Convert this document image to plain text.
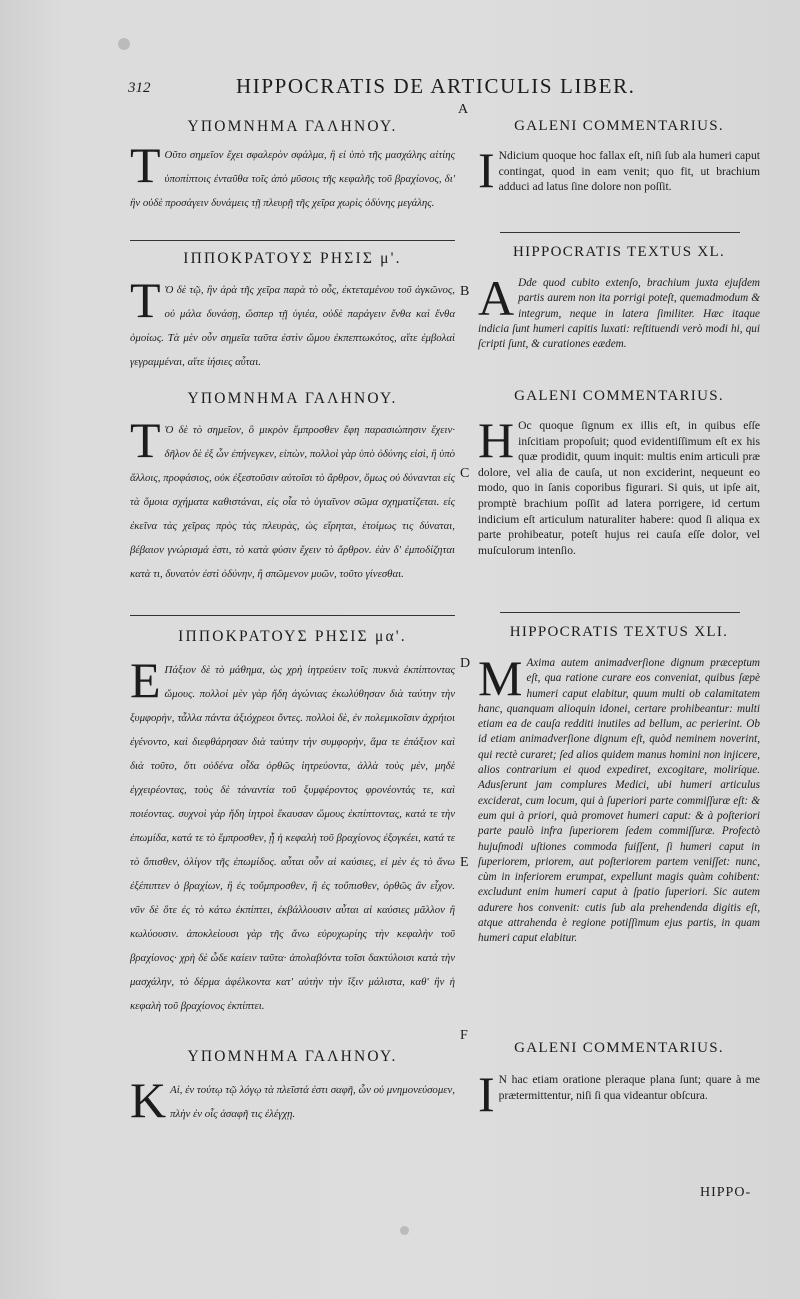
312	HIPPOCRATIS DE ARTICULIS LIBER.
A
B
C
D
E
F
ΥΠΟΜΝΗΜΑ ΓΑΛΗΝΟΥ.

T Οῦτο σημεῖον ἔχει σφαλερὸν σφάλμα, ἢ εἰ ὑπὸ τῆς μασχάλης αἰτίης ὑποπίπτοις ἐνταῦθα τοῖς ἀπὸ μῦσοις τῆς κεφαλῆς τοῦ βραχίονος, δι' ἣν οὐδὲ προσάγειν δυνάμεις τῇ πλευρῇ τῆς χεῖρα χωρὶς ὀδύνης μεγάλης.

ΙΠΠΟΚΡΑΤΟΥΣ ΡΗΣΙΣ μ'.

T Ὁ δὲ τῷ, ἢν ἀρὰ τῆς χεῖρα παρὰ τὸ οὖς, ἐκτεταμένου τοῦ ἀγκῶνος, οὐ μάλα δυνάσῃ, ὥσπερ τῇ ὑγιέα, οὐδὲ παράγειν ἔνθα καὶ ἔνθα ὁμοίως. Τὰ μὲν οὖν σημεῖα ταῦτα ἐστὶν ὤμου ἐκπεπτωκότος, αἵτε ἐμβολαὶ γεγραμμέναι, αἵτε ἰήσιες αὗται.

ΥΠΟΜΝΗΜΑ ΓΑΛΗΝΟΥ.

T Ὁ δὲ τὸ σημεῖον, ὃ μικρὸν ἔμπροσθεν ἔφη παρασιώπησιν ἔχειν· δῆλον δὲ ἐξ ὧν ἐπήνεγκεν, εἰπὼν, πολλοὶ γὰρ ὑπὸ ὀδύνης εἰσὶ, ἢ ὑπὸ ἄλλοις, προφάσιος, οὐκ ἐξεστοῦσιν αὐτοῖσι τὸ ἄρθρον, ὅμως οὐ δύνανται εἰς τὰ ὅμοια σχήματα καθιστάναι, εἰς οἷα τὸ ὑγιαῖνον σῶμα σχηματίζεται. εἰς ἐκεῖνα τὰς χεῖρας πρὸς τὰς πλευρὰς, ὡς εἴρηται, ἑτοίμως τις δύναται, βέβαιον γνώρισμά ἐστι, τὸ κατὰ φύσιν ἔχειν τὸ ἄρθρον. ἐὰν δ' ἐμποδίζηται κατὰ τι, δυνατὸν ἐστὶ ὀδύνην, ἢ σπῶμενον μυῶν, τοῦτο γίνεσθαι.

ΙΠΠΟΚΡΑΤΟΥΣ ΡΗΣΙΣ μα'.

E Πάξιον δὲ τὸ μάθημα, ὡς χρὴ ἰητρεύειν τοῖς πυκνὰ ἐκπίπτοντας ὤμους. πολλοὶ μὲν γὰρ ἤδη ἀγώνιας ἐκωλύθησαν διὰ ταύτην τὴν ξυμφορὴν, τἆλλα πάντα ἀξιόχρεοι ὄντες. πολλοὶ δὲ, ἐν πολεμικοῖσιν ἀχρήιοι ἐγένοντο, καὶ διεφθάρησαν διὰ ταύτην τὴν συμφορὴν, ἅμα τε ἐπάξιον καὶ διὰ τοῦτο, ὅτι οὐδένα οἶδα ὀρθῶς ἰητρεύοντα, ἀλλὰ τοὺς μὲν, μηδὲ ἐγχειρέοντας, τοὺς δὲ τἀναντία τοῦ ξυμφέροντος φρονέοντάς τε, καὶ ποιέοντας. συχνοὶ γὰρ ἤδη ἰητροὶ ἔκαυσαν ὤμους ἐκπίπτοντας, κατά τε τὴν ἐπωμίδα, κατά τε τὸ ἔμπροσθεν, ᾗ ἡ κεφαλὴ τοῦ βραχίονος ἐξογκέει, κατά τε τὸ ὄπισθεν, ὀλίγον τῆς ἐπωμίδος. αὗται οὖν αἱ καύσιες, εἰ μὲν ἐς τὸ ἄνω ἐξέπιπτεν ὁ βραχίων, ἢ ἐς τοὔμπροσθεν, ἢ ἐς τοὔπισθεν, ὀρθῶς ἂν εἶχον. νῦν δὲ ὅτε ἐς τὸ κάτω ἐκπίπτει, ἐκβάλλουσιν αὗται αἱ καύσιες μᾶλλον ἢ κωλύουσιν. ἀποκλείουσι γὰρ τῆς ἄνω εὐρυχωρίης τὴν κεφαλὴν τοῦ βραχίονος· χρὴ δὲ ὧδε καίειν ταῦτα· ἀπολαβόντα τοῖσι δακτύλοισι κατὰ τὴν μασχάλην, τὸ δέρμα ἀφέλκοντα κατ' αὐτὴν τὴν ἴξιν μάλιστα, καθ' ἣν ἡ κεφαλὴ τοῦ βραχίονος ἐκπίπτει.

ΥΠΟΜΝΗΜΑ ΓΑΛΗΝΟΥ.

K Αἱ, ἐν τούτῳ τῷ λόγῳ τὰ πλεῖστά ἐστι σαφῆ, ὧν οὐ μνημονεύσομεν, πλὴν ἐν οἷς ἀσαφῆ τις ἐλέγχῃ.

GALENI COMMENTARIUS.

I Ndicium quoque hoc fallax eſt, niſi ſub ala humeri caput contingat, quod in eam venit; quo fit, ut brachium adduci ad latus ſine dolore non poſſit.

HIPPOCRATIS TEXTUS XL.

A Dde quod cubito extenſo, brachium juxta ejuſdem partis aurem non ita porrigi poteſt, quemadmodum & integrum, neque in latera ſimiliter. Hæc itaque indicia ſunt humeri capitis luxati: reſtituendi verò modi hi, qui ſcripti ſunt, & curationes eædem.

GALENI COMMENTARIUS.

H Oc quoque ſignum ex illis eſt, in quibus eſſe inſcitiam propoſuit; quod evidentiſſimum eſt ex his quæ prodidit, quum inquit: multis enim articuli præ dolore, vel alia de cauſa, ut non exciderint, nequeunt eo modo, quo in ſanis coporibus figurari. Si quis, ut ipſe ait, promptè brachium poſſit ad latera porrigere, id certum indicium eſt articulum naturaliter habere: quod ſi aliqua ex parte prohibeatur, poteſt hujus rei cauſa eſſe dolor, vel muſculorum intenſio.

HIPPOCRATIS TEXTUS XLI.

M Axima autem animadverſione dignum præceptum eſt, qua ratione curare eos conveniat, quibus ſæpè humeri caput elabitur, quum multi ob calamitatem hanc, quanquam alioquin idonei, certare prohibeantur: multi etiam ea de cauſa redditi inutiles ad bellum, ac perierint. Ob id etiam animadverſione dignum eſt, quòd neminem noverint, qui rectè curaret; ſed alios quidem manus homini non injicere, alios contrarium ei quod expediret, excogitare, moliríque. Adusſerunt jam complures Medici, ubi humeri articulus exciderat, cum locum, qui à ſuperiori parte commiſſuræ eſt: & eum qui à priori, quà promovet humeri caput: & à poſteriori parte paulò infra ſuperiorem ſedem commiſſuræ. Profectò hujuſmodi uſtiones commoda fuiſſent, ſi humeri caput in ſuperiorem, priorem, aut poſteriorem partem veniſſet: nunc, cùm in inferiorem erumpat, expellunt magis quàm cohibent: excludunt enim humeri caput à ſpatio ſuperiori. Sic autem adurere hos convenit: cutis ſub ala prehendenda digitis eſt, atque attrahenda è regione potiſſimum ejus partis, in quam humeri caput elabitur.

GALENI COMMENTARIUS.

I N hac etiam oratione pleraque plana ſunt; quare à me prætermittentur, niſi ſi qua videantur obſcura.

HIPPO-
